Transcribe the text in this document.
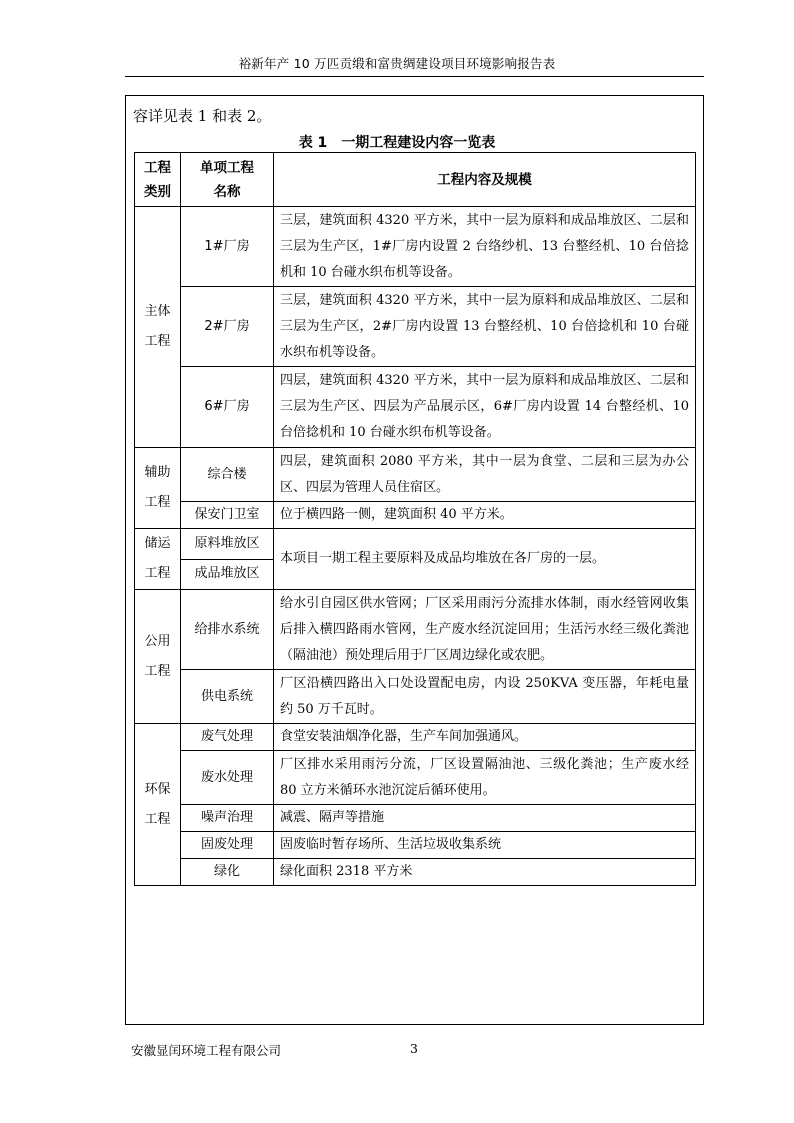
裕新年产 10 万匹贡缎和富贵绸建设项目环境影响报告表
容详见表 1 和表 2。
表 1 一期工程建设内容一览表
工程类别	单项工程名称	工程内容及规模

主体工程	1#厂房	三层，建筑面积 4320 平方米，其中一层为原料和成品堆放区、二层和三层为生产区，1#厂房内设置 2 台络纱机、13 台整经机、10 台倍捻机和 10 台碰水织布机等设备。
	2#厂房	三层，建筑面积 4320 平方米，其中一层为原料和成品堆放区、二层和三层为生产区，2#厂房内设置 13 台整经机、10 台倍捻机和 10 台碰水织布机等设备。
	6#厂房	四层，建筑面积 4320 平方米，其中一层为原料和成品堆放区、二层和三层为生产区、四层为产品展示区，6#厂房内设置 14 台整经机、10 台倍捻机和 10 台碰水织布机等设备。

辅助工程	综合楼	四层，建筑面积 2080 平方米，其中一层为食堂、二层和三层为办公区、四层为管理人员住宿区。
	保安门卫室	位于横四路一侧，建筑面积 40 平方米。

储运工程	原料堆放区	本项目一期工程主要原料及成品均堆放在各厂房的一层。
	成品堆放区	

公用工程	给排水系统	给水引自园区供水管网；厂区采用雨污分流排水体制，雨水经管网收集后排入横四路雨水管网，生产废水经沉淀回用；生活污水经三级化粪池（隔油池）预处理后用于厂区周边绿化或农肥。
	供电系统	厂区沿横四路出入口处设置配电房，内设 250KVA 变压器，年耗电量约 50 万千瓦时。

环保工程	废气处理	食堂安装油烟净化器，生产车间加强通风。
	废水处理	厂区排水采用雨污分流，厂区设置隔油池、三级化粪池；生产废水经 80 立方米循环水池沉淀后循环使用。
	噪声治理	减震、隔声等措施
	固废处理	固废临时暂存场所、生活垃圾收集系统
	绿化	绿化面积 2318 平方米
安徽显闰环境工程有限公司	3
